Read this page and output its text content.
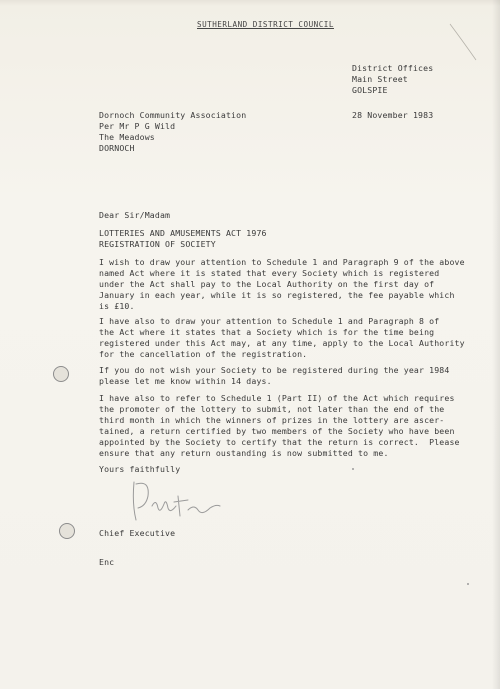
SUTHERLAND DISTRICT COUNCIL
District Offices
Main Street
GOLSPIE
28 November 1983
Dornoch Community Association
Per Mr P G Wild
The Meadows
DORNOCH
Dear Sir/Madam
LOTTERIES AND AMUSEMENTS ACT 1976
REGISTRATION OF SOCIETY
I wish to draw your attention to Schedule 1 and Paragraph 9 of the above
named Act where it is stated that every Society which is registered
under the Act shall pay to the Local Authority on the first day of
January in each year, while it is so registered, the fee payable which
is £10.
I have also to draw your attention to Schedule 1 and Paragraph 8 of
the Act where it states that a Society which is for the time being
registered under this Act may, at any time, apply to the Local Authority
for the cancellation of the registration.
If you do not wish your Society to be registered during the year 1984
please let me know within 14 days.
I have also to refer to Schedule 1 (Part II) of the Act which requires
the promoter of the lottery to submit, not later than the end of the
third month in which the winners of prizes in the lottery are ascer-
tained, a return certified by two members of the Society who have been
appointed by the Society to certify that the return is correct.  Please
ensure that any return oustanding is now submitted to me.
Yours faithfully
Chief Executive
Enc
